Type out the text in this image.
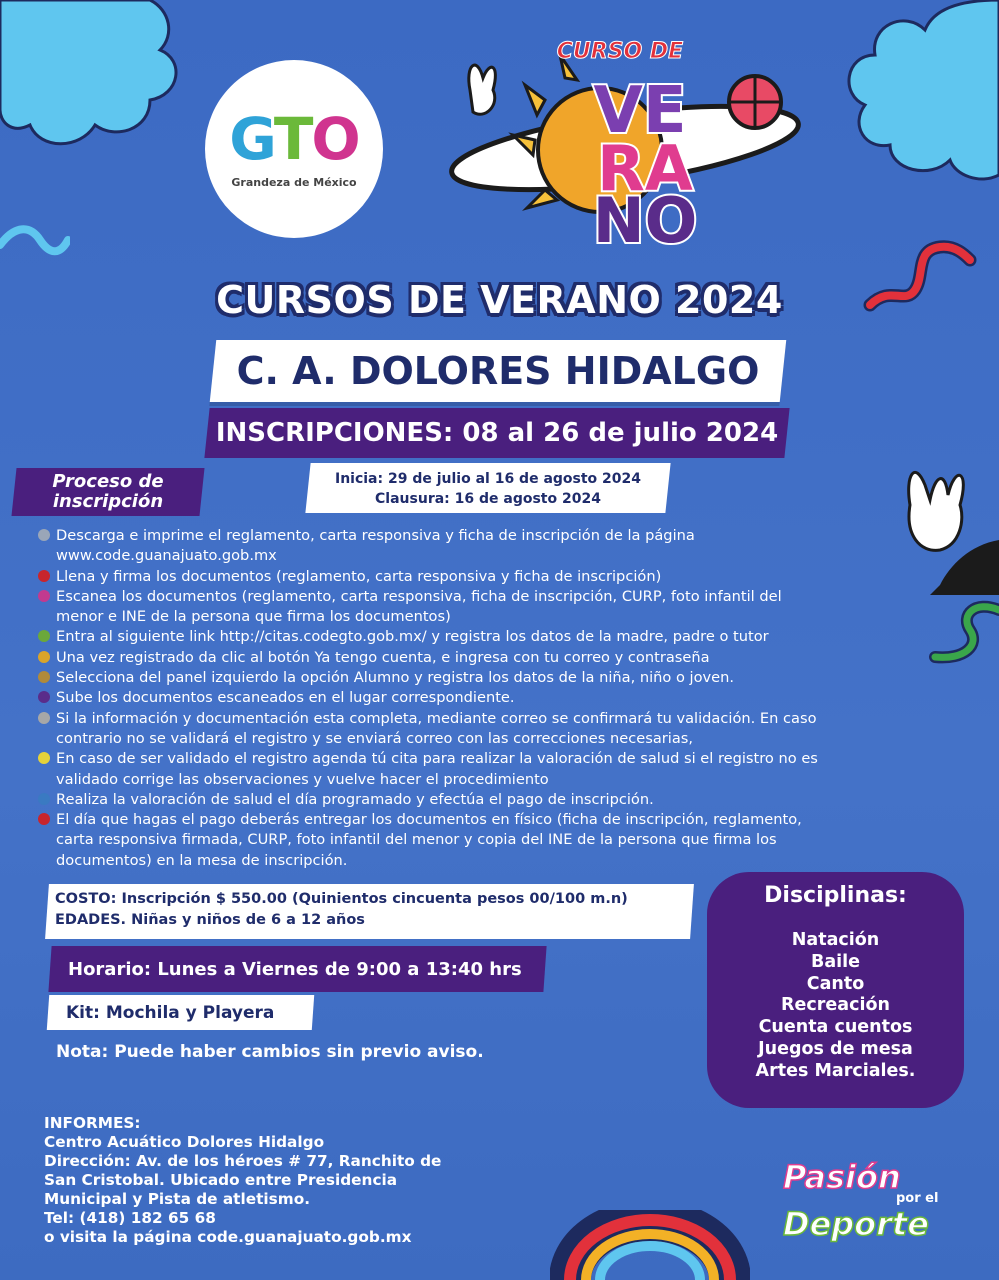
GTO
Grandeza de México
CURSO DE
VE
RA
NO
CURSOS DE VERANO 2024
C. A. DOLORES HIDALGO
INSCRIPCIONES: 08 al 26 de julio 2024
Proceso de
inscripción
Inicia: 29 de julio al 16 de agosto 2024
Clausura: 16 de agosto 2024
Descarga e imprime el reglamento, carta responsiva y ficha de inscripción de la página
www.code.guanajuato.gob.mx
Llena y firma los documentos (reglamento, carta responsiva y ficha de inscripción)
Escanea los documentos (reglamento, carta responsiva, ficha de inscripción, CURP, foto infantil del
menor e INE de la persona que firma los documentos)
Entra al siguiente link http://citas.codegto.gob.mx/ y registra los datos de la madre, padre o tutor
Una vez registrado da clic al botón Ya tengo cuenta, e ingresa con tu correo y contraseña
Selecciona del panel izquierdo la opción Alumno y registra los datos de la niña, niño o joven.
Sube los documentos escaneados en el lugar correspondiente.
Si la información y documentación esta completa, mediante correo se confirmará tu validación. En caso
contrario no se validará el registro y se enviará correo con las correcciones necesarias,
En caso de ser validado el registro agenda tú cita para realizar la valoración de salud si el registro no es
validado corrige las observaciones y vuelve hacer el procedimiento
Realiza la valoración de salud el día programado y efectúa el pago de inscripción.
El día que hagas el pago deberás entregar los documentos en físico (ficha de inscripción, reglamento,
carta responsiva firmada, CURP, foto infantil del menor y copia del INE de la persona que firma los
documentos) en la mesa de inscripción.
COSTO: Inscripción $ 550.00 (Quinientos cincuenta pesos 00/100 m.n)
EDADES. Niñas y niños de 6 a 12 años
Horario: Lunes a Viernes de 9:00 a 13:40 hrs
Kit: Mochila y Playera
Nota: Puede haber cambios sin previo aviso.
Disciplinas:
Natación
Baile
Canto
Recreación
Cuenta cuentos
Juegos de mesa
Artes Marciales.
INFORMES:
Centro Acuático Dolores Hidalgo
Dirección: Av. de los héroes # 77, Ranchito de
San Cristobal. Ubicado entre Presidencia
Municipal y Pista de atletismo.
Tel: (418) 182 65 68
o visita la página code.guanajuato.gob.mx
Pasión
por el
Deporte
